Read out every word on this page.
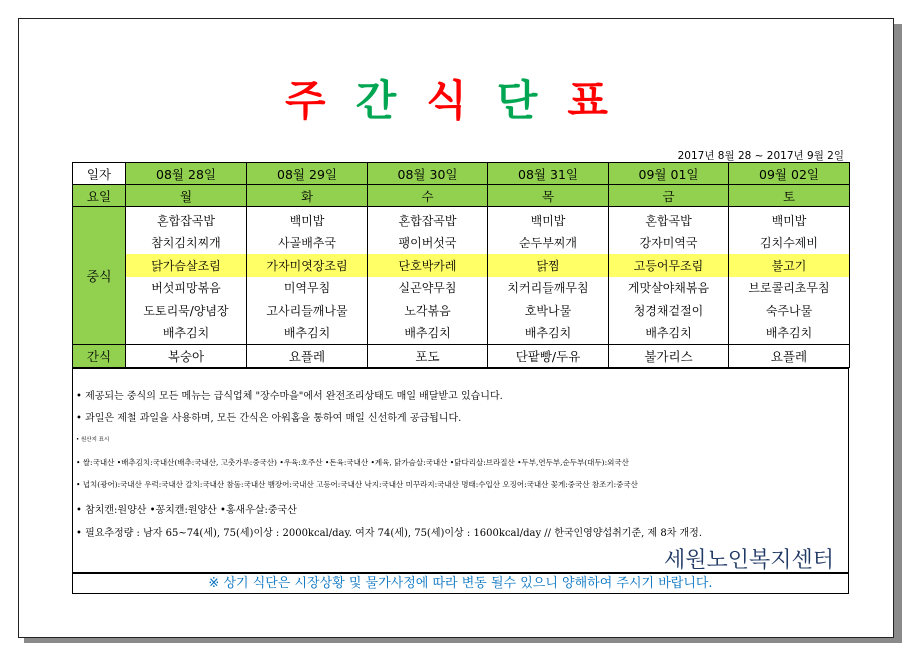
주 간 식 단 표
2017년 8월 28 ~ 2017년 9월 2일
일자	08월 28일	08월 29일	08월 30일	08월 31일	09월 01일	09월 02일
요일	월	화	수	목	금	토
중식	혼합잡곡밥	백미밥	혼합잡곡밥	백미밥	혼합곡밥	백미밥
	참치김치찌개	사골배추국	팽이버섯국	순두부찌개	강자미역국	김치수제비
	닭가슴살조림	가자미엿장조림	단호박카레	닭찜	고등어무조림	불고기
	버섯피망볶음	미역무침	실곤약무침	치커리들깨무침	게맛살야채볶음	브로콜리초무침
	도토리묵/양념장	고사리들깨나물	노각볶음	호박나물	청경채겉절이	숙주나물
	배추김치	배추김치	배추김치	배추김치	배추김치	배추김치
간식	복숭아	요플레	포도	단팥빵/두유	불가리스	요플레
• 제공되는 중식의 모든 메뉴는 급식업체 "장수마을"에서 완전조리상태도 매일 배달받고 있습니다.
• 과일은 제철 과일을 사용하며, 모든 간식은 아워홈을 통하여 매일 신선하게 공급됩니다.
• 원산지 표시
• 쌀:국내산 •배추김치:국내산(배추:국내산, 고춧가루:중국산) •우육:호주산 •돈육:국내산 •계육, 닭가슴살:국내산 •닭다리살:브라질산 •두부,연두부,순두부(대두):외국산
• 넙치(광어):국내산 우럭:국내산 갈치:국내산 참돔:국내산 뱀장어:국내산 고등어:국내산 낙지:국내산 미꾸라지:국내산 명태:수입산 오징어:국내산 꽃게:중국산 참조기:중국산
• 참치캔:원양산 •꽁치캔:원양산 •홍새우살:중국산
• 필요추정량 : 남자 65~74(세), 75(세)이상 : 2000kcal/day. 여자 74(세), 75(세)이상 : 1600kcal/day // 한국인영양섭취기준, 제 8차 개정.
세원노인복지센터
※ 상기 식단은 시장상황 및 물가사정에 따라 변동 될수 있으니 양해하여 주시기 바랍니다.
